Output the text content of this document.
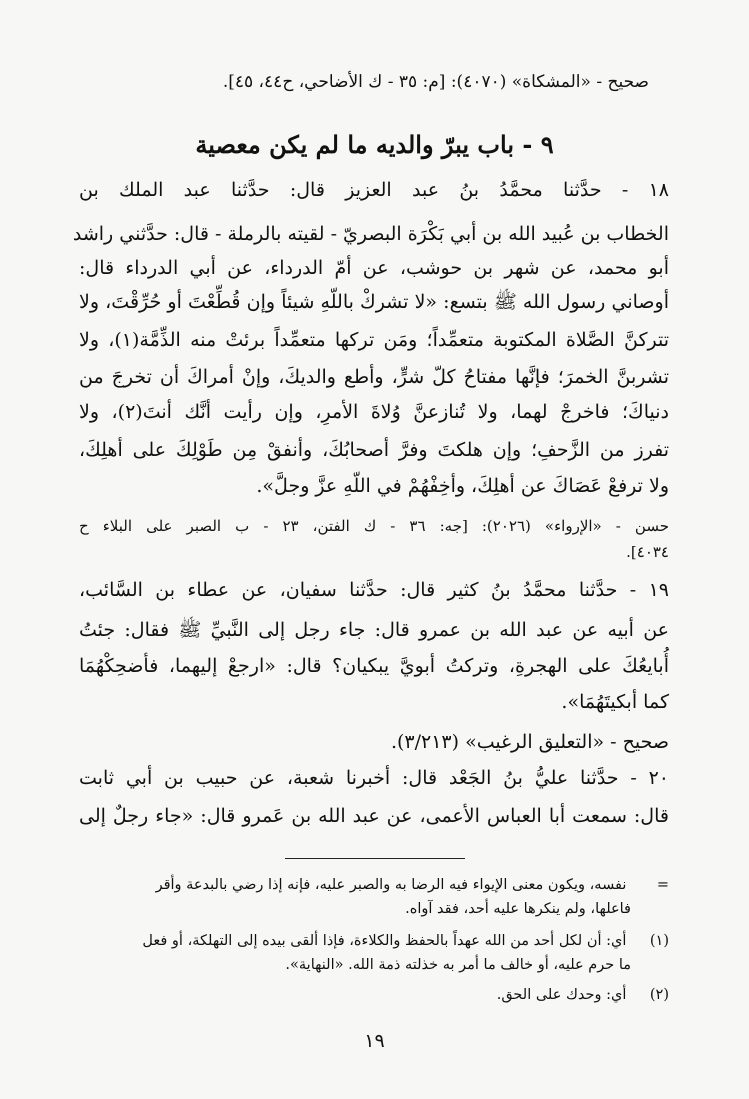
صحيح - «المشكاة» (٤٠٧٠): [م: ٣٥ - ك الأضاحي، ح٤٤، ٤٥].
٩ - باب يبرّ والديه ما لم يكن معصية
١٨ - حدَّثنا محمَّدُ بنُ عبد العزيز قال: حدَّثنا عبد الملك بن
الخطاب بن عُبيد الله بن أبي بَكْرَة البصريّ - لقيته بالرملة - قال: حدَّثني راشد
أبو محمد، عن شهر بن حوشب، عن أمّ الدرداء، عن أبي الدرداء قال:
أوصاني رسول الله ﷺ بتسع: «لا تشركْ باللّهِ شيئاً وإن قُطِّعْتَ أو حُرِّقْتَ، ولا
تتركنَّ الصَّلاة المكتوبة متعمِّداً؛ ومَن تركها متعمِّداً برئتْ منه الذِّمَّة(١)، ولا
تشربنَّ الخمرَ؛ فإنَّها مفتاحُ كلّ شرٍّ، وأطع والديكَ، وإنْ أمراكَ أن تخرجَ من
دنياكَ؛ فاخرجْ لهما، ولا تُنازعنَّ وُلاةَ الأمرِ، وإن رأيت أنَّك أنتَ(٢)، ولا
تفرز من الزَّحفِ؛ وإن هلكتَ وفرَّ أصحابُكَ، وأنفقْ مِن طَوْلِكَ على أهلِكَ،
ولا ترفعْ عَصَاكَ عن أهلِكَ، وأخِفْهُمْ في اللّهِ عزَّ وجلَّ».
حسن - «الإرواء» (٢٠٢٦): [جه: ٣٦ - ك الفتن، ٢٣ - ب الصبر على البلاء ح
٤٠٣٤].
١٩ - حدَّثنا محمَّدُ بنُ كثير قال: حدَّثنا سفيان، عن عطاء بن السَّائب،
عن أبيه عن عبد الله بن عمرو قال: جاء رجل إلى النَّبيِّ ﷺ فقال: جئتُ
أُبايعُكَ على الهجرةِ، وتركتُ أبويَّ يبكيان؟ قال: «ارجعْ إليهما، فأضحِكْهُمَا
كما أبكيتَهُمَا».
صحيح - «التعليق الرغيب» (٣/٢١٣).
٢٠ - حدَّثنا عليُّ بنُ الجَعْد قال: أخبرنا شعبة، عن حبيب بن أبي ثابت
قال: سمعت أبا العباس الأعمى، عن عبد الله بن عَمرو قال: «جاء رجلٌ إلى
= نفسه، ويكون معنى الإيواء فيه الرضا به والصبر عليه، فإنه إذا رضي بالبدعة وأقر
فاعلها، ولم ينكرها عليه أحد، فقد آواه.
(١) أي: أن لكل أحد من الله عهداً بالحفظ والكلاءة، فإذا ألقى بيده إلى التهلكة، أو فعل
ما حرم عليه، أو خالف ما أمر به خذلته ذمة الله. «النهاية».
(٢) أي: وحدك على الحق.
١٩
